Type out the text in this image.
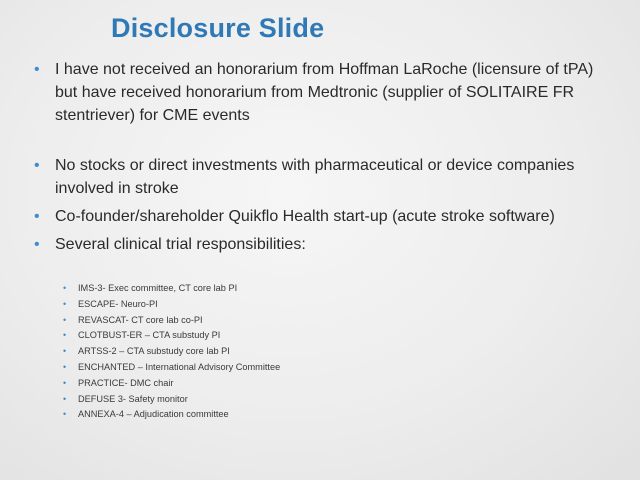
Disclosure Slide
• I have not received an honorarium from Hoffman LaRoche (licensure of tPA) but have received honorarium from Medtronic (supplier of SOLITAIRE FR stentriever) for CME events
• No stocks or direct investments with pharmaceutical or device companies involved in stroke
• Co-founder/shareholder Quikflo Health start-up (acute stroke software)
• Several clinical trial responsibilities:
• IMS-3- Exec committee, CT core lab PI
• ESCAPE- Neuro-PI
• REVASCAT- CT core lab co-PI
• CLOTBUST-ER – CTA substudy PI
• ARTSS-2 – CTA substudy core lab PI
• ENCHANTED – International Advisory Committee
• PRACTICE- DMC chair
• DEFUSE 3- Safety monitor
• ANNEXA-4 – Adjudication committee
